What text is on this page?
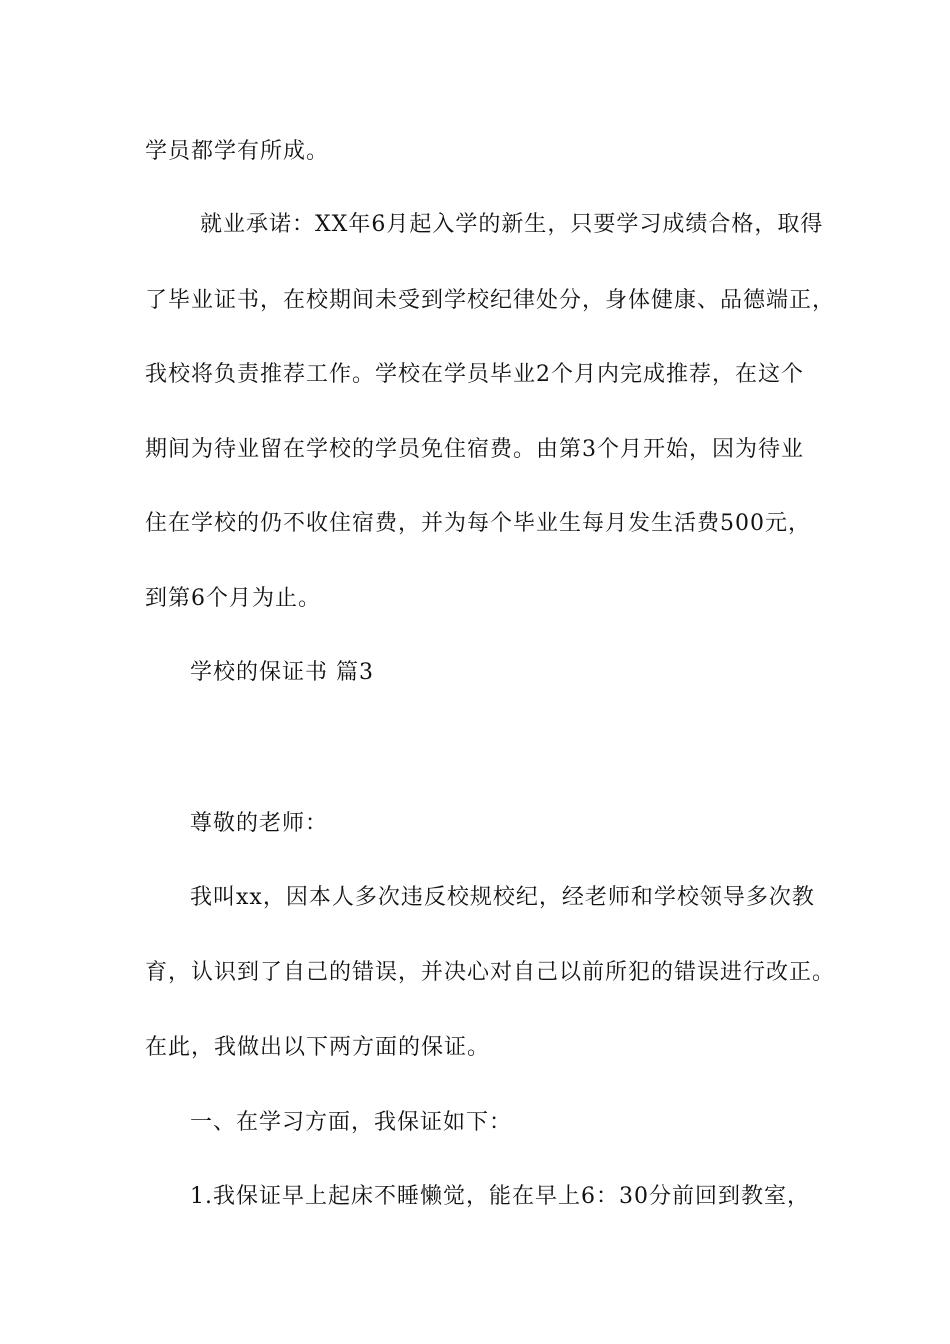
学员都学有所成。
就业承诺：XX年6月起入学的新生，只要学习成绩合格，取得
了毕业证书，在校期间未受到学校纪律处分，身体健康、品德端正，
我校将负责推荐工作。学校在学员毕业2个月内完成推荐，在这个
期间为待业留在学校的学员免住宿费。由第3个月开始，因为待业
住在学校的仍不收住宿费，并为每个毕业生每月发生活费500元，
到第6个月为止。
学校的保证书 篇3
尊敬的老师：
我叫xx，因本人多次违反校规校纪，经老师和学校领导多次教
育，认识到了自己的错误，并决心对自己以前所犯的错误进行改正。
在此，我做出以下两方面的保证。
一、在学习方面，我保证如下：
1.我保证早上起床不睡懒觉，能在早上6：30分前回到教室，
